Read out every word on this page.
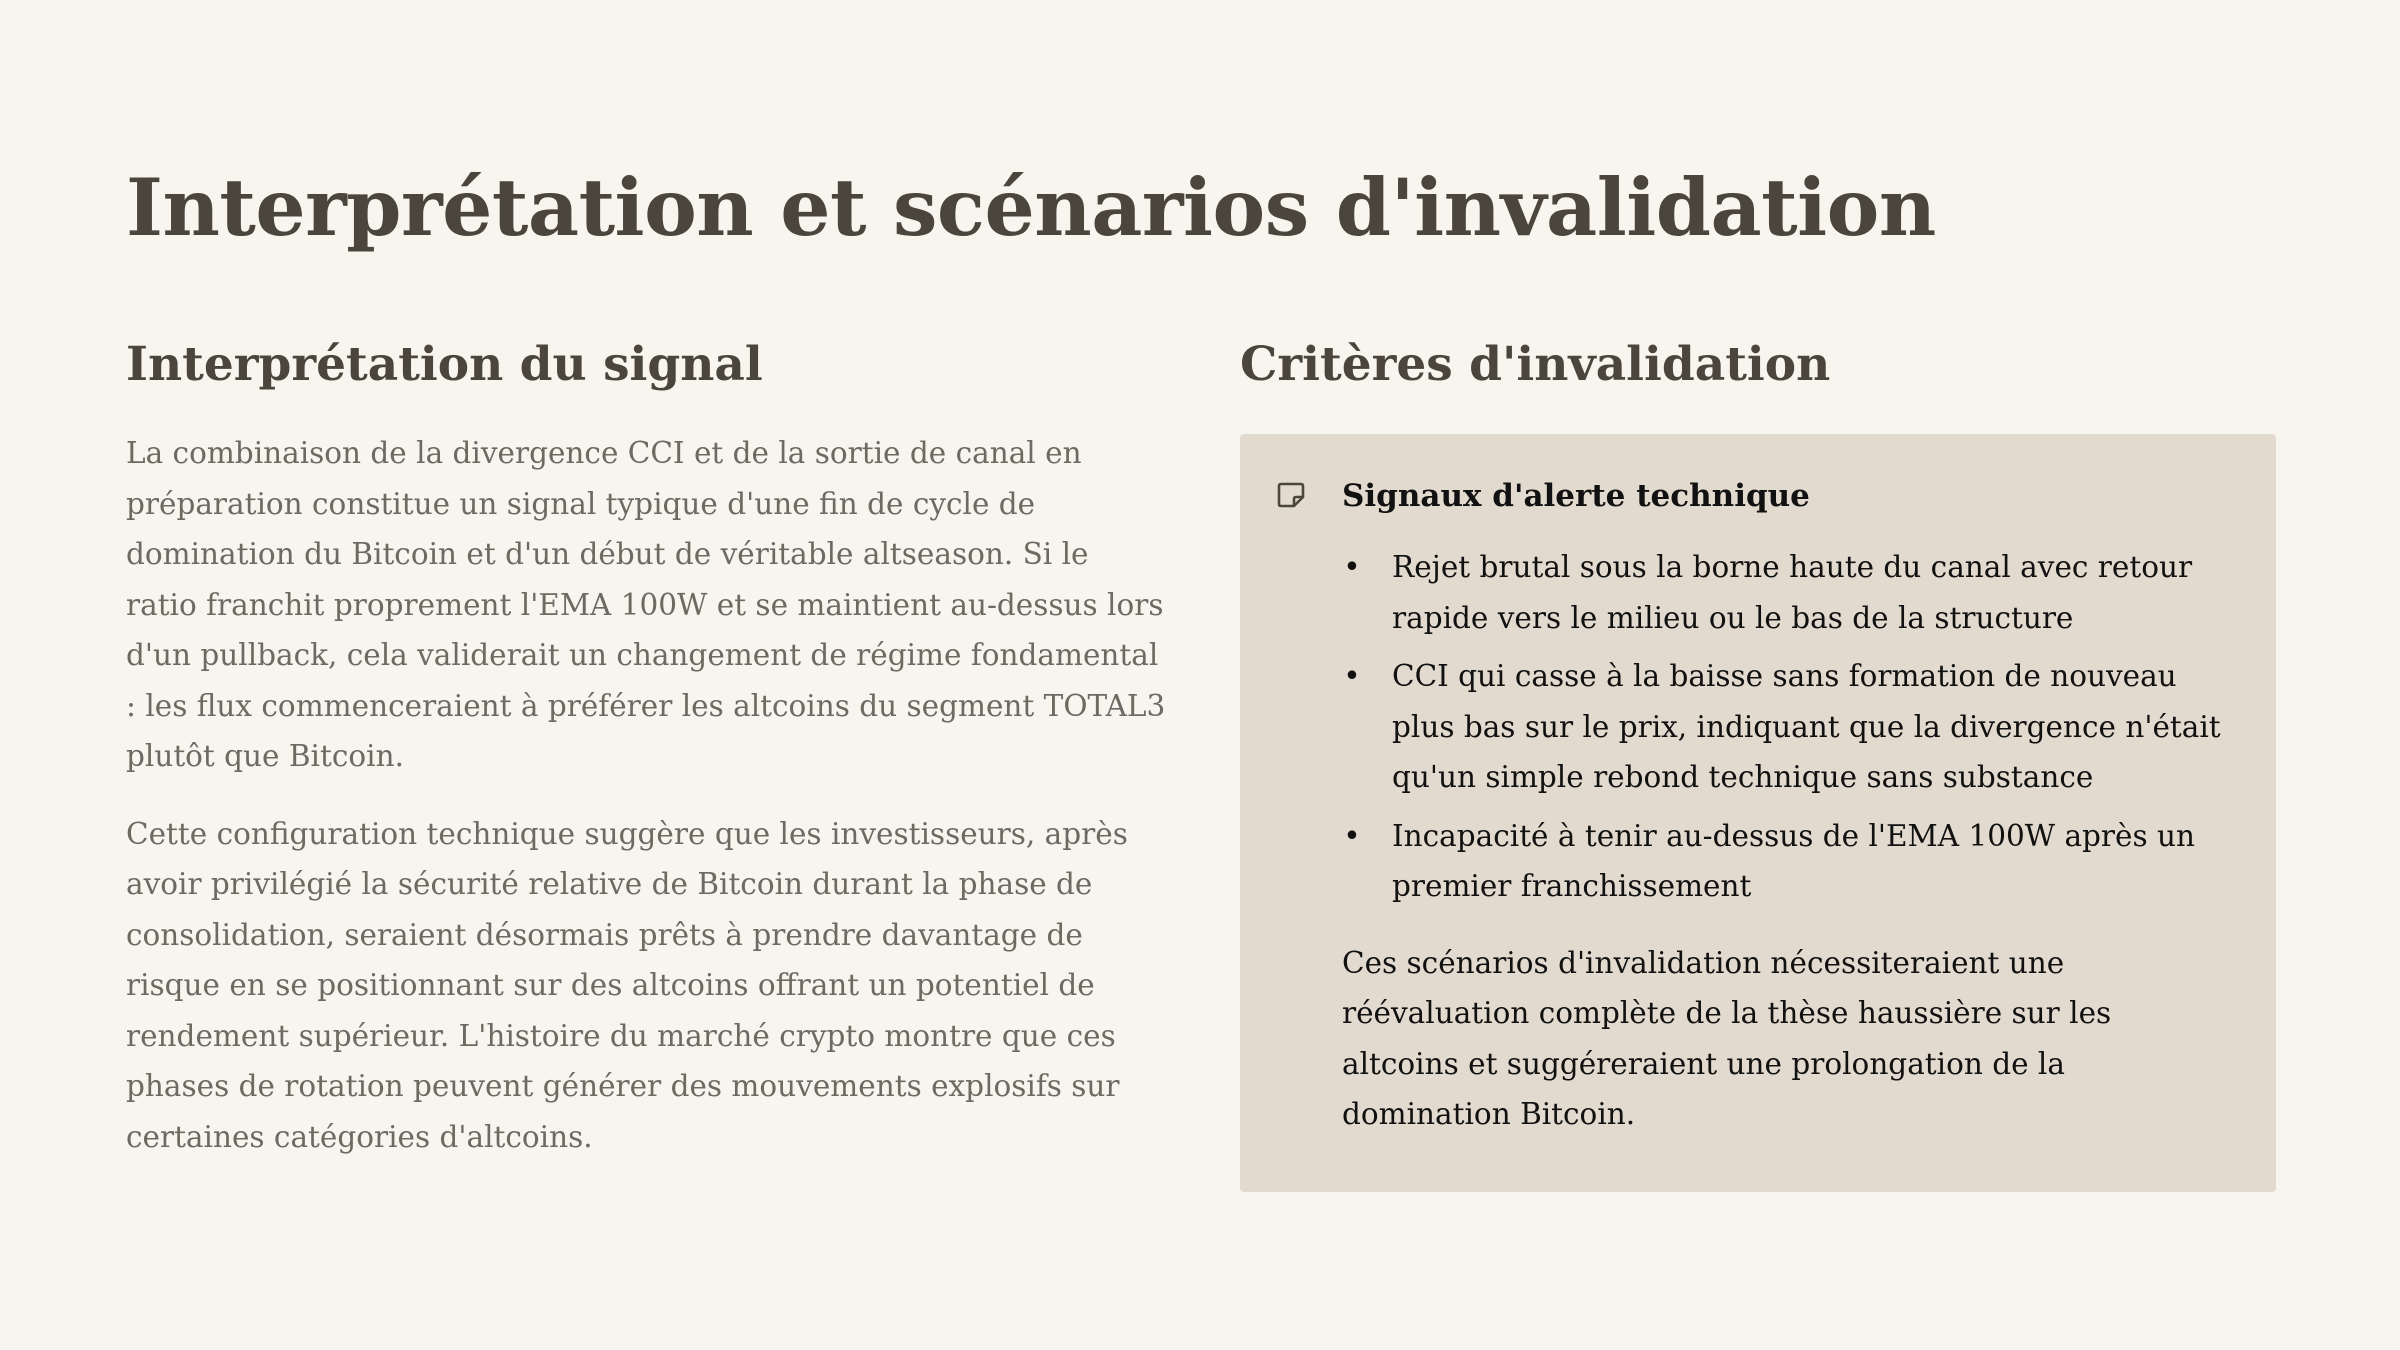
Interprétation et scénarios d'invalidation
Interprétation du signal

La combinaison de la divergence CCI et de la sortie de canal en préparation constitue un signal typique d'une fin de cycle de domination du Bitcoin et d'un début de véritable altseason. Si le ratio franchit proprement l'EMA 100W et se maintient au-dessus lors d'un pullback, cela validerait un changement de régime fondamental : les flux commenceraient à préférer les altcoins du segment TOTAL3 plutôt que Bitcoin.

Cette configuration technique suggère que les investisseurs, après avoir privilégié la sécurité relative de Bitcoin durant la phase de consolidation, seraient désormais prêts à prendre davantage de risque en se positionnant sur des altcoins offrant un potentiel de rendement supérieur. L'histoire du marché crypto montre que ces phases de rotation peuvent générer des mouvements explosifs sur certaines catégories d'altcoins.

Critères d'invalidation
Signaux d'alerte technique
• Rejet brutal sous la borne haute du canal avec retour rapide vers le milieu ou le bas de la structure
• CCI qui casse à la baisse sans formation de nouveau plus bas sur le prix, indiquant que la divergence n'était qu'un simple rebond technique sans substance
• Incapacité à tenir au-dessus de l'EMA 100W après un premier franchissement

Ces scénarios d'invalidation nécessiteraient une réévaluation complète de la thèse haussière sur les altcoins et suggéreraient une prolongation de la domination Bitcoin.
